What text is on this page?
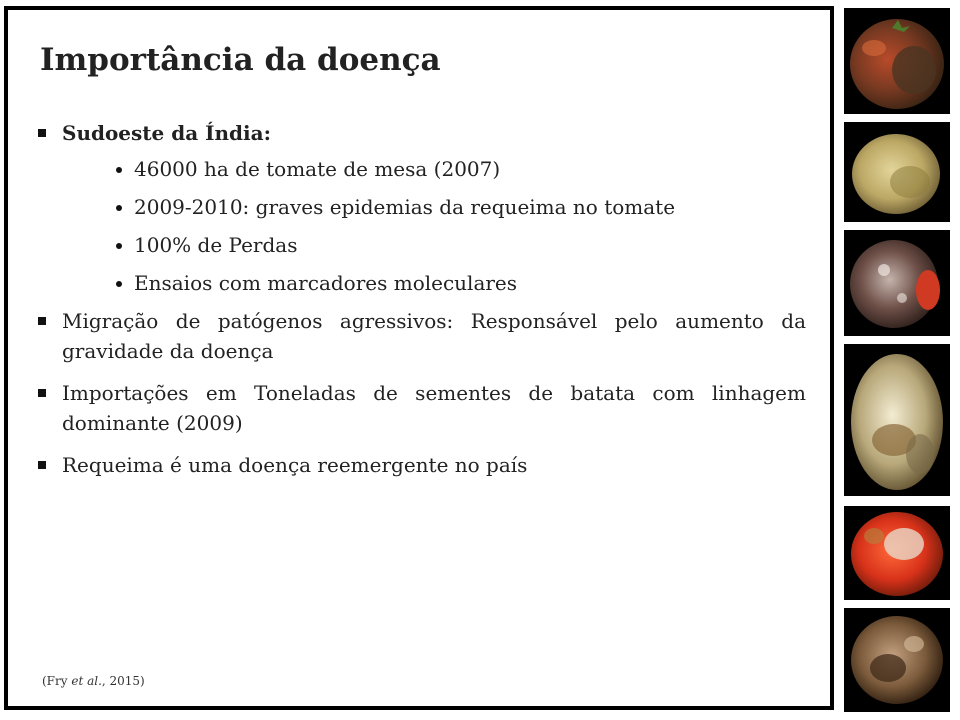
Importância da doença
Sudoeste da Índia:
46000 ha de tomate de mesa (2007)
2009-2010: graves epidemias da requeima no tomate
100% de Perdas
Ensaios com marcadores moleculares
Migração de patógenos agressivos: Responsável pelo aumento da gravidade da doença
Importações em Toneladas de sementes de batata com linhagem dominante (2009)
Requeima é uma doença reemergente no país
(Fry et al., 2015)
